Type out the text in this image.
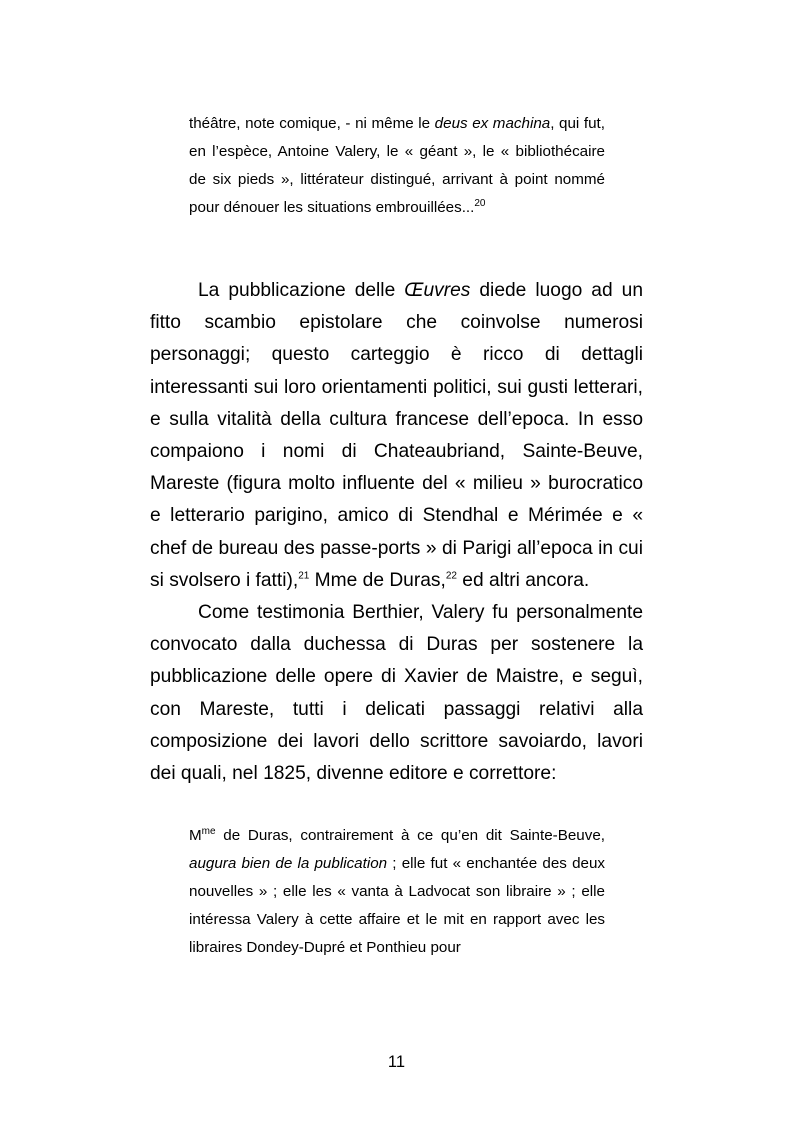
théâtre, note comique, - ni même le deus ex machina, qui fut, en l’espèce, Antoine Valery, le « géant », le « bibliothécaire de six pieds », littérateur distingué, arrivant à point nommé pour dénouer les situations embrouillées...$^{20}$

La pubblicazione delle Œuvres diede luogo ad un fitto scambio epistolare che coinvolse numerosi personaggi; questo carteggio è ricco di dettagli interessanti sui loro orientamenti politici, sui gusti letterari, e sulla vitalità della cultura francese dell’epoca. In esso compaiono i nomi di Chateaubriand, Sainte-Beuve, Mareste (figura molto influente del « milieu » burocratico e letterario parigino, amico di Stendhal e Mérimée e « chef de bureau des passe-ports » di Parigi all’epoca in cui si svolsero i fatti),$^{21}$ Mme de Duras,$^{22}$ ed altri ancora.

Come testimonia Berthier, Valery fu personalmente convocato dalla duchessa di Duras per sostenere la pubblicazione delle opere di Xavier de Maistre, e seguì, con Mareste, tutti i delicati passaggi relativi alla composizione dei lavori dello scrittore savoiardo, lavori dei quali, nel 1825, divenne editore e correttore:

$M^{me}$ de Duras, contrairement à ce qu’en dit Sainte-Beuve, augura bien de la publication ; elle fut « enchantée des deux nouvelles » ; elle les « vanta à Ladvocat son libraire » ; elle intéressa Valery à cette affaire et le mit en rapport avec les libraires Dondey-Dupré et Ponthieu pour

11
